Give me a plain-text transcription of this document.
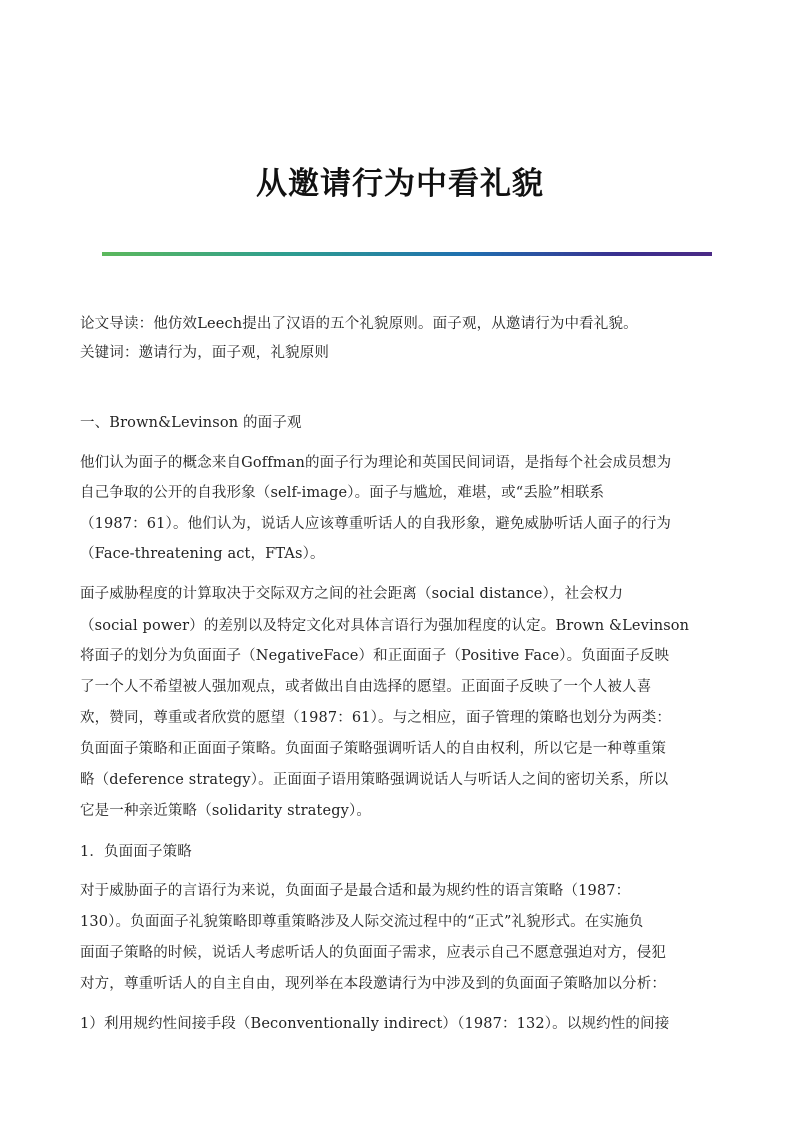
从邀请行为中看礼貌
论文导读：他仿效Leech提出了汉语的五个礼貌原则。面子观，从邀请行为中看礼貌。
关键词：邀请行为，面子观，礼貌原则
一、Brown&Levinson 的面子观
他们认为面子的概念来自Goffman的面子行为理论和英国民间词语，是指每个社会成员想为
自己争取的公开的自我形象（self-image）。面子与尴尬，难堪，或“丢脸”相联系
（1987：61）。他们认为，说话人应该尊重听话人的自我形象，避免威胁听话人面子的行为
（Face-threatening act，FTAs）。
面子威胁程度的计算取决于交际双方之间的社会距离（social distance），社会权力
（social power）的差别以及特定文化对具体言语行为强加程度的认定。Brown &Levinson
将面子的划分为负面面子（NegativeFace）和正面面子（Positive Face）。负面面子反映
了一个人不希望被人强加观点，或者做出自由选择的愿望。正面面子反映了一个人被人喜
欢，赞同，尊重或者欣赏的愿望（1987：61）。与之相应，面子管理的策略也划分为两类：
负面面子策略和正面面子策略。负面面子策略强调听话人的自由权利，所以它是一种尊重策
略（deference strategy）。正面面子语用策略强调说话人与听话人之间的密切关系，所以
它是一种亲近策略（solidarity strategy）。
1．负面面子策略
对于威胁面子的言语行为来说，负面面子是最合适和最为规约性的语言策略（1987：
130）。负面面子礼貌策略即尊重策略涉及人际交流过程中的“正式”礼貌形式。在实施负
面面子策略的时候，说话人考虑听话人的负面面子需求，应表示自己不愿意强迫对方，侵犯
对方，尊重听话人的自主自由，现列举在本段邀请行为中涉及到的负面面子策略加以分析：
1）利用规约性间接手段（Beconventionally indirect）（1987：132）。以规约性的间接
